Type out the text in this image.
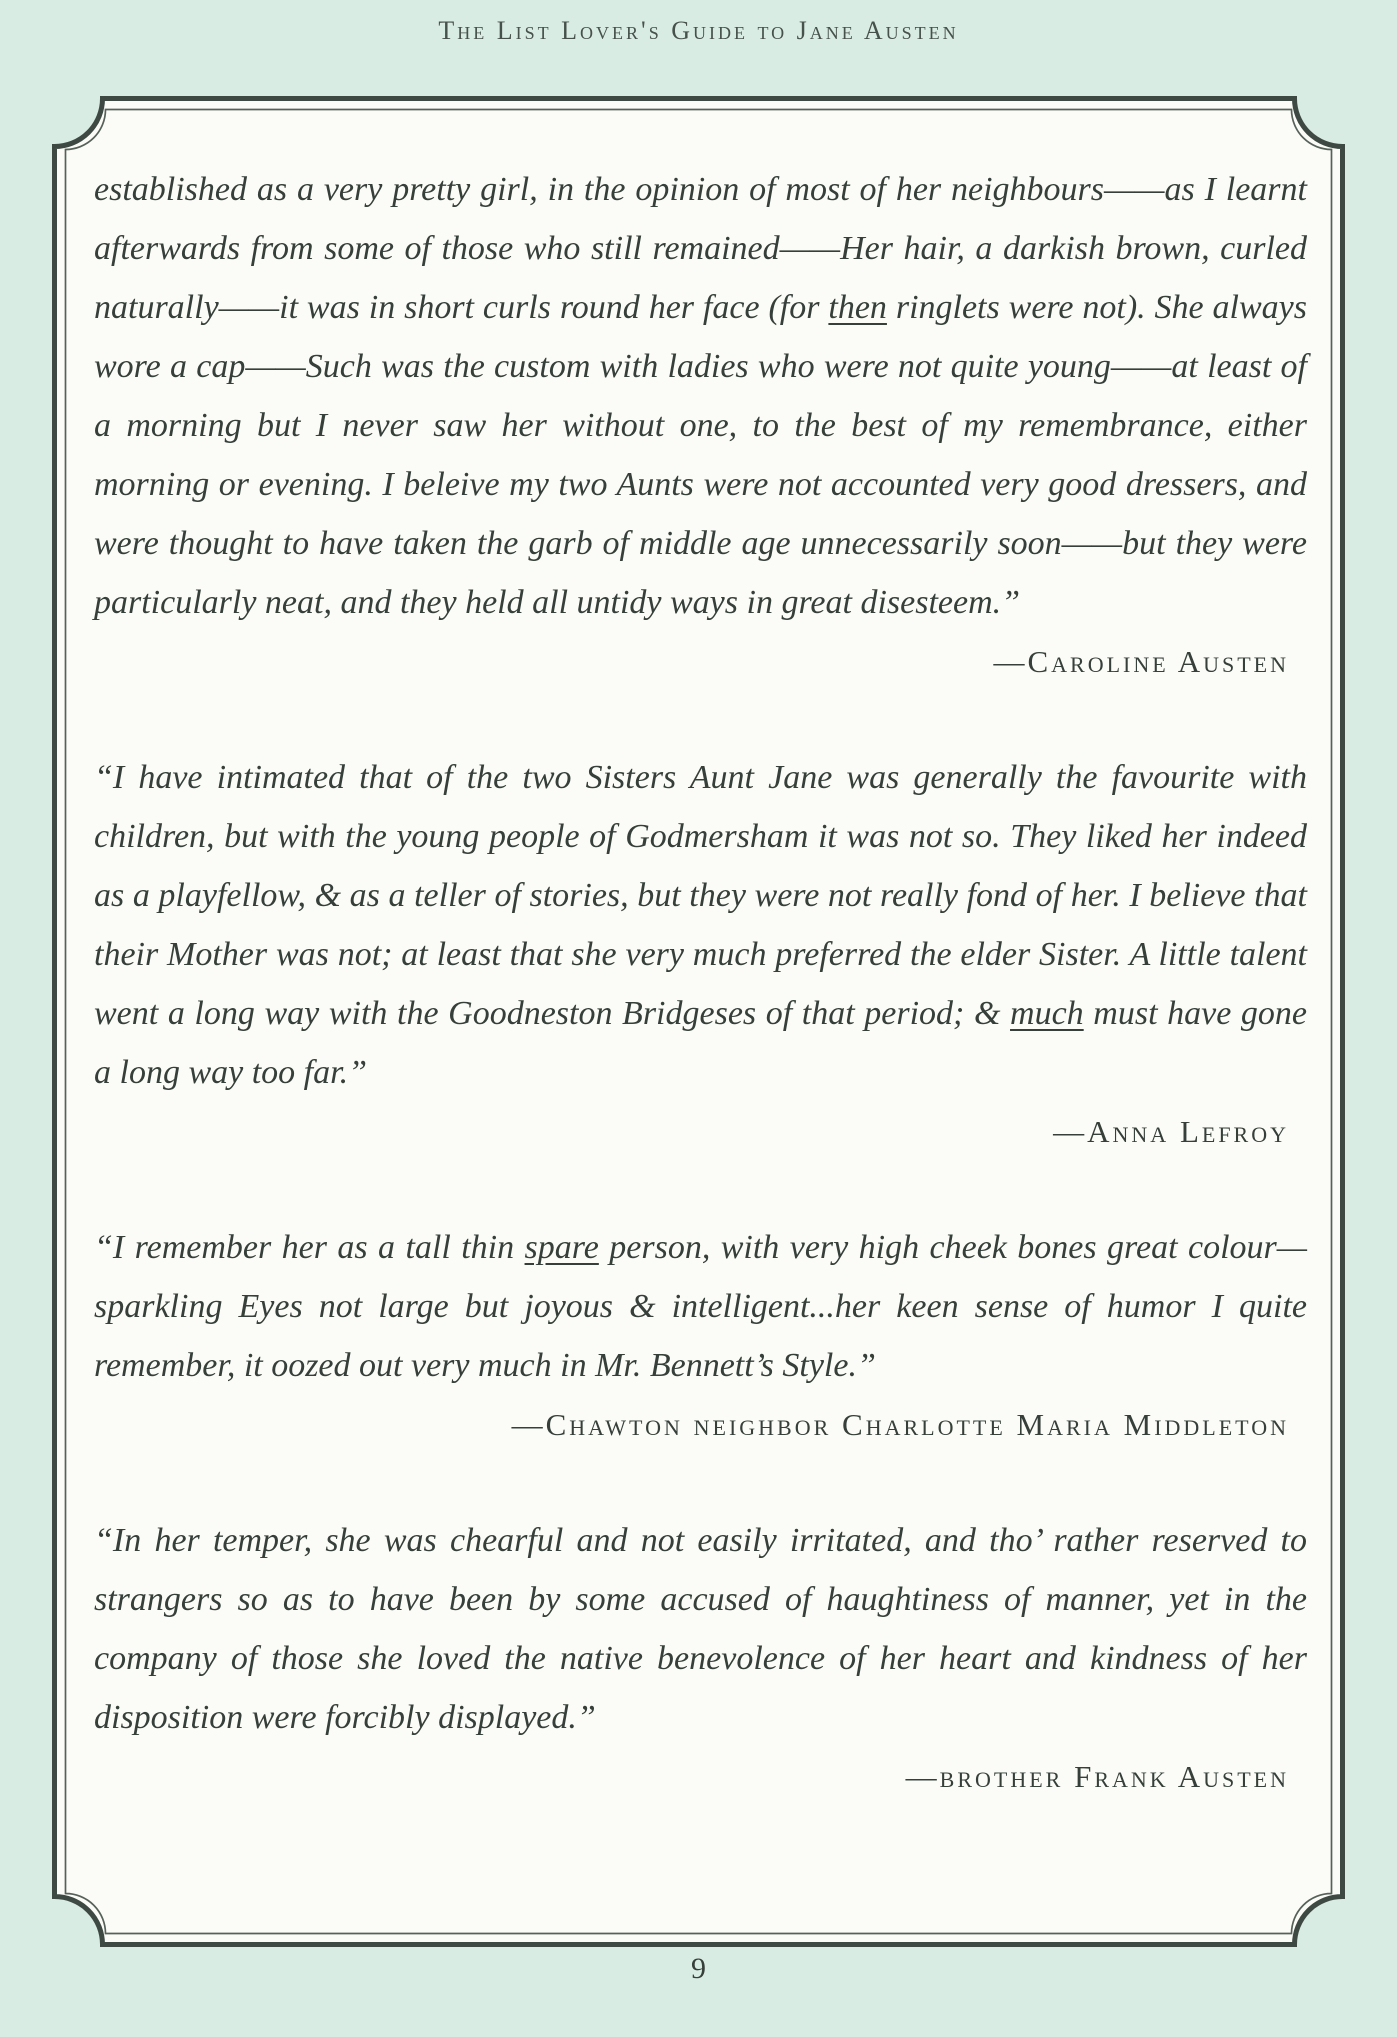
The List Lover's Guide to Jane Austen

established as a very pretty girl, in the opinion of most of her neighbours——as I learnt afterwards from some of those who still remained——Her hair, a darkish brown, curled naturally——it was in short curls round her face (for then ringlets were not). She always wore a cap——Such was the custom with ladies who were not quite young——at least of a morning but I never saw her without one, to the best of my remembrance, either morning or evening. I beleive my two Aunts were not accounted very good dressers, and were thought to have taken the garb of middle age unnecessarily soon——but they were particularly neat, and they held all untidy ways in great disesteem.”

—Caroline Austen

“I have intimated that of the two Sisters Aunt Jane was generally the favourite with children, but with the young people of Godmersham it was not so. They liked her indeed as a playfellow, & as a teller of stories, but they were not really fond of her. I believe that their Mother was not; at least that she very much preferred the elder Sister. A little talent went a long way with the Goodneston Bridgeses of that period; & much must have gone a long way too far.”

—Anna Lefroy

“I remember her as a tall thin spare person, with very high cheek bones great colour—sparkling Eyes not large but joyous & intelligent...her keen sense of humor I quite remember, it oozed out very much in Mr. Bennett’s Style.”

—Chawton neighbor Charlotte Maria Middleton

“In her temper, she was chearful and not easily irritated, and tho’ rather reserved to strangers so as to have been by some accused of haughtiness of manner, yet in the company of those she loved the native benevolence of her heart and kindness of her disposition were forcibly displayed.”

—brother Frank Austen
9
